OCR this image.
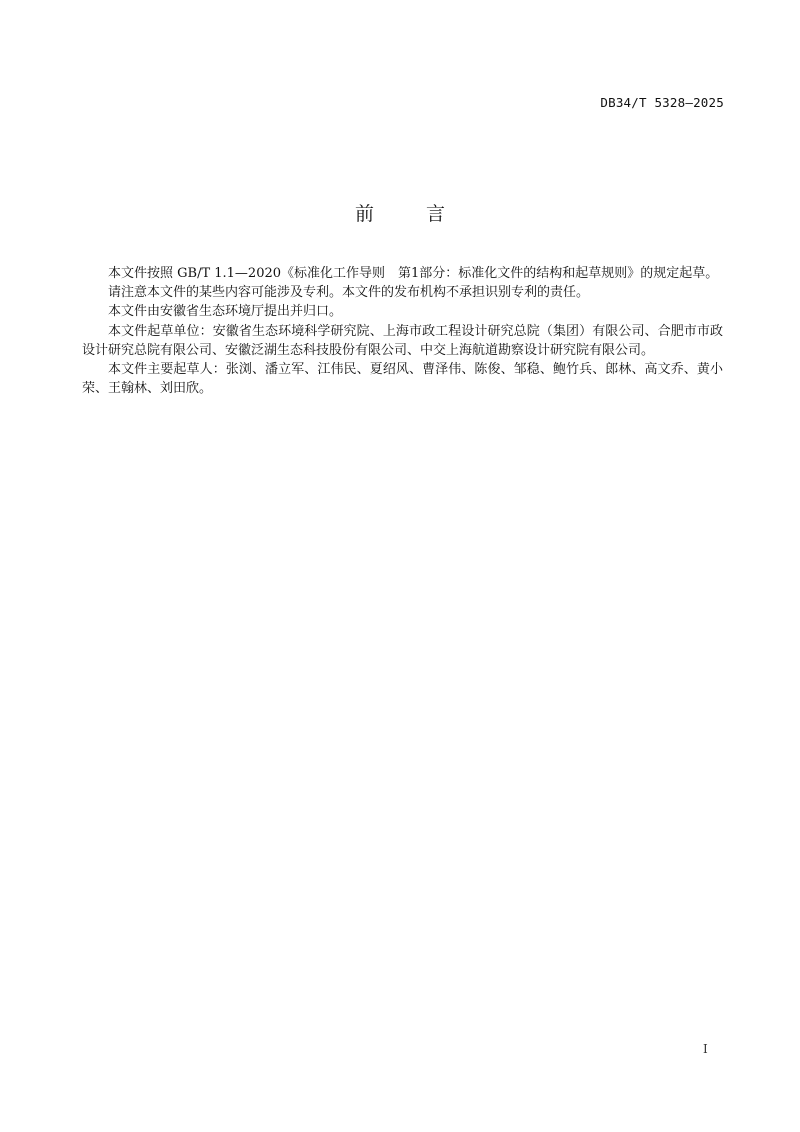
DB34/T 5328—2025
前	言

本文件按照 GB/T 1.1—2020《标准化工作导则　第1部分：标准化文件的结构和起草规则》的规定起草。

请注意本文件的某些内容可能涉及专利。本文件的发布机构不承担识别专利的责任。

本文件由安徽省生态环境厅提出并归口。

本文件起草单位：安徽省生态环境科学研究院、上海市政工程设计研究总院（集团）有限公司、合肥市市政设计研究总院有限公司、安徽泛湖生态科技股份有限公司、中交上海航道勘察设计研究院有限公司。

本文件主要起草人：张浏、潘立军、江伟民、夏绍风、曹泽伟、陈俊、邹稳、鲍竹兵、郎林、高文乔、黄小荣、王翰林、刘田欣。

I
